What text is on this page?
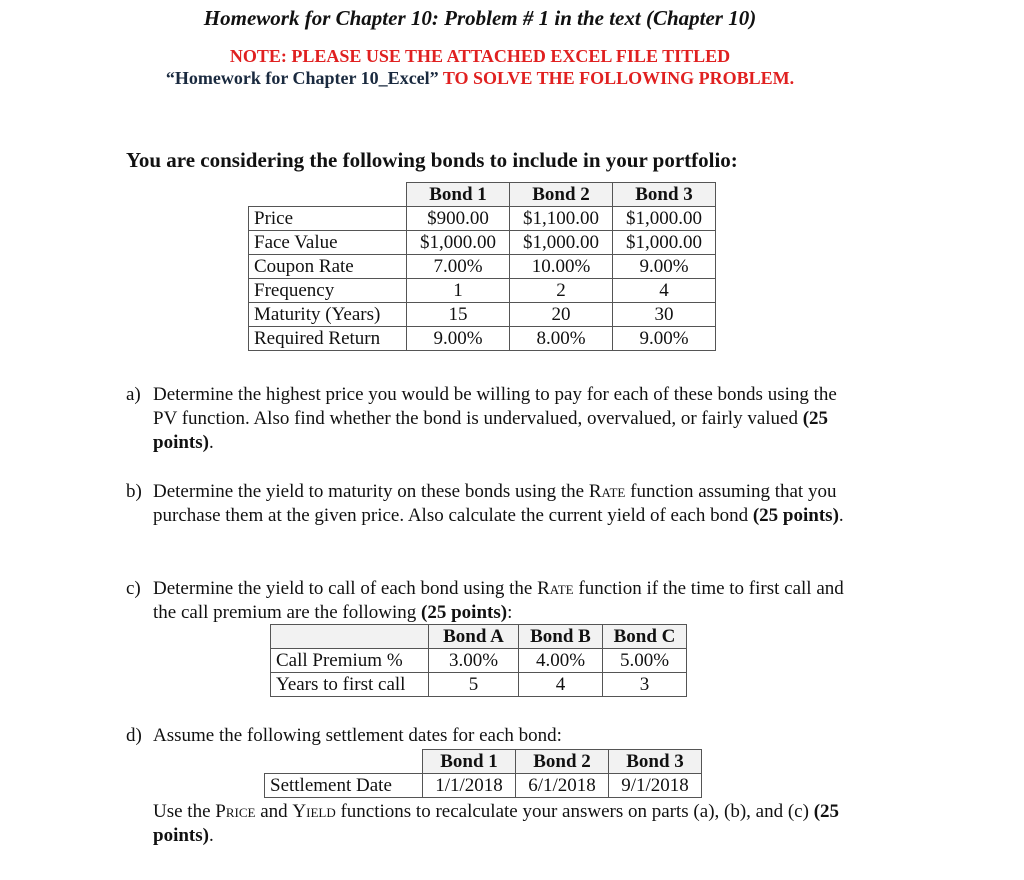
Homework for Chapter 10: Problem # 1 in the text (Chapter 10)
NOTE: PLEASE USE THE ATTACHED EXCEL FILE TITLED
“Homework for Chapter 10_Excel” TO SOLVE THE FOLLOWING PROBLEM.
You are considering the following bonds to include in your portfolio:
	Bond 1	Bond 2	Bond 3
Price	$900.00	$1,100.00	$1,000.00
Face Value	$1,000.00	$1,000.00	$1,000.00
Coupon Rate	7.00%	10.00%	9.00%
Frequency	1	2	4
Maturity (Years)	15	20	30
Required Return	9.00%	8.00%	9.00%
a) Determine the highest price you would be willing to pay for each of these bonds using the PV function. Also find whether the bond is undervalued, overvalued, or fairly valued (25 points).
b) Determine the yield to maturity on these bonds using the Rate function assuming that you purchase them at the given price. Also calculate the current yield of each bond (25 points).
c) Determine the yield to call of each bond using the Rate function if the time to first call and the call premium are the following (25 points):
	Bond A	Bond B	Bond C
Call Premium %	3.00%	4.00%	5.00%
Years to first call	5	4	3
d) Assume the following settlement dates for each bond:
	Bond 1	Bond 2	Bond 3
Settlement Date	1/1/2018	6/1/2018	9/1/2018
Use the Price and Yield functions to recalculate your answers on parts (a), (b), and (c) (25 points).
